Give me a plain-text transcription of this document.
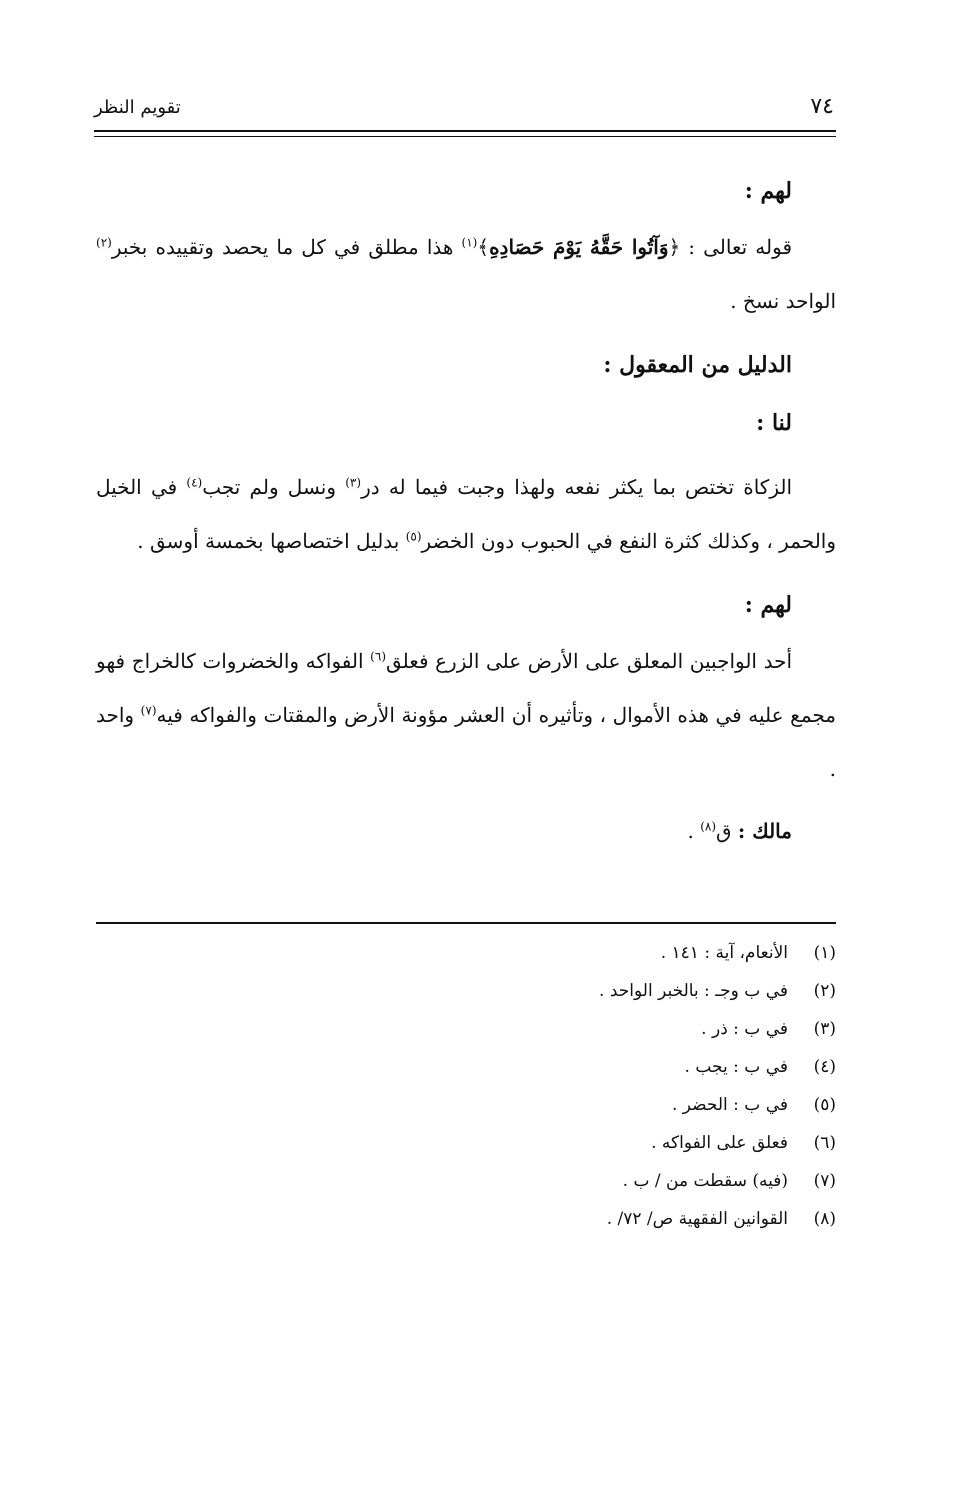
٧٤
تقويم النظر
لهم :
قوله تعالى : ﴿وَآتُوا حَقَّهُ يَوْمَ حَصَادِهِ﴾$^{(١)}$ هذا مطلق في كل ما يحصد وتقييده بخبر$^{(٢)}$ الواحد نسخ .
الدليل من المعقول :
لنا :
الزكاة تختص بما يكثر نفعه ولهذا وجبت فيما له در$^{(٣)}$ ونسل ولم تجب$^{(٤)}$ في الخيل والحمر ، وكذلك كثرة النفع في الحبوب دون الخضر$^{(٥)}$ بدليل اختصاصها بخمسة أوسق .
لهم :
أحد الواجبين المعلق على الأرض على الزرع فعلق$^{(٦)}$ الفواكه والخضروات كالخراج فهو مجمع عليه في هذه الأموال ، وتأثيره أن العشر مؤونة الأرض والمقتات والفواكه فيه$^{(٧)}$ واحد .
مالك : ق$^{(٨)}$ .
(١)الأنعام، آية : ١٤١ .
(٢)في ب وجـ : بالخبر الواحد .
(٣)في ب : ذر .
(٤)في ب : يجب .
(٥)في ب : الحضر .
(٦)فعلق على الفواكه .
(٧)(فيه) سقطت من / ب .
(٨)القوانين الفقهية ص/ ٧٢/ .
